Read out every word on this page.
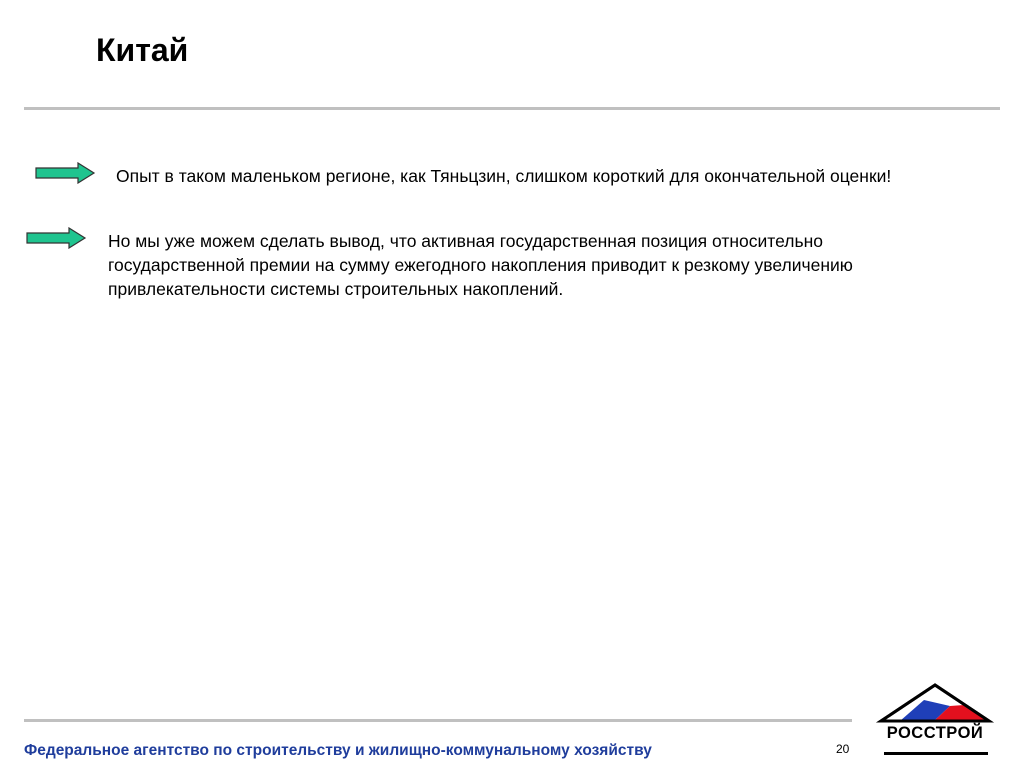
Китай

Опыт в таком маленьком регионе, как Тяньцзин, слишком короткий для окончательной оценки!

Но мы уже можем сделать вывод, что активная государственная позиция относительно государственной премии на сумму ежегодного накопления приводит к резкому увеличению привлекательности системы строительных накоплений.

Федеральное агентство по строительству и жилищно-коммунальному хозяйству	20
РОССТРОЙ
